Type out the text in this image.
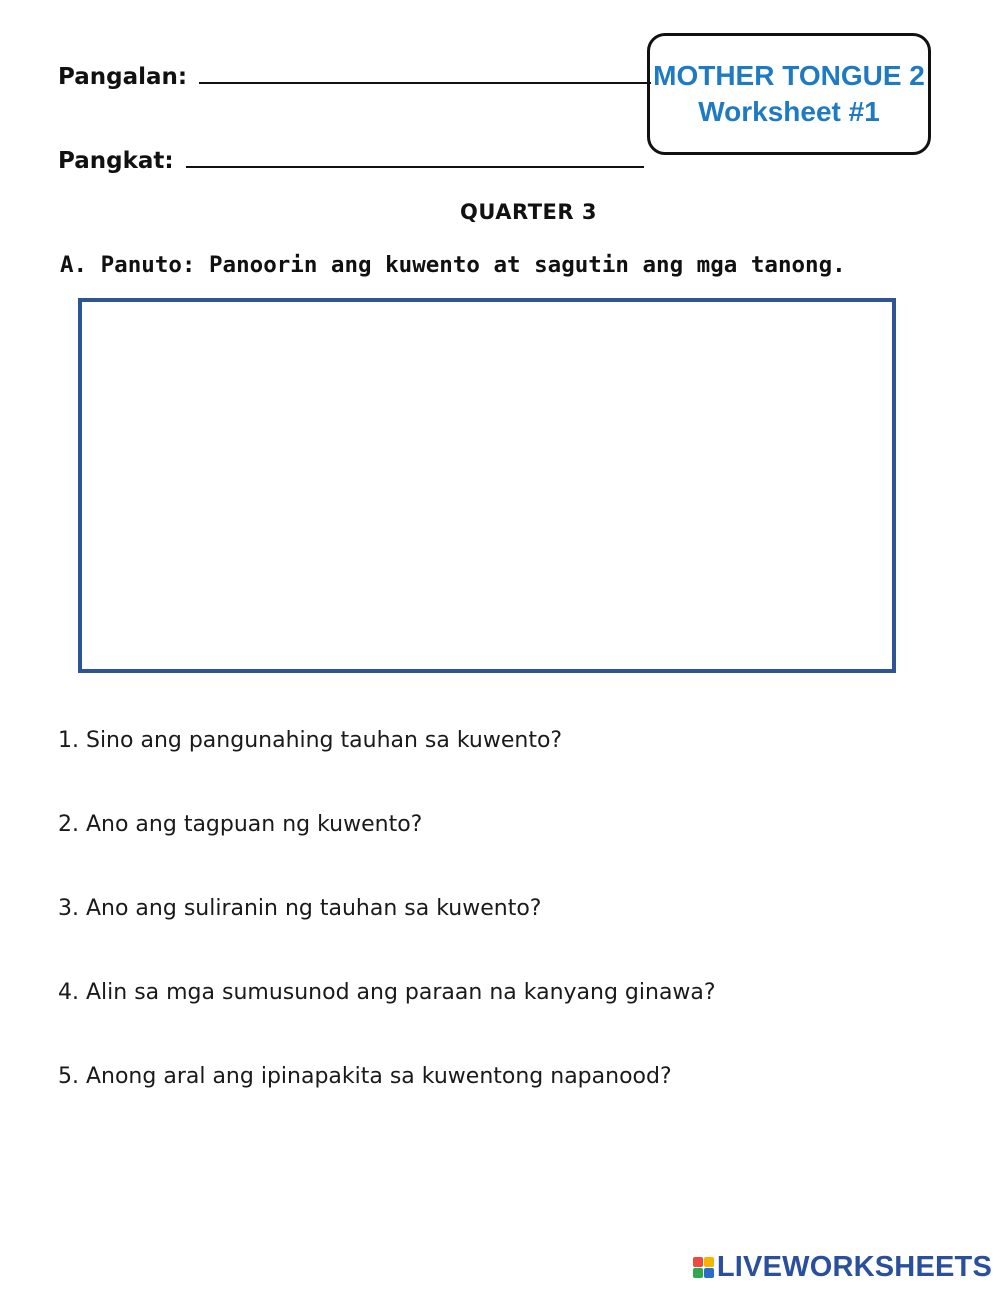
Pangalan:
Pangkat:
MOTHER TONGUE 2
Worksheet #1
QUARTER 3
A. Panuto: Panoorin ang kuwento at sagutin ang mga tanong.
1. Sino ang pangunahing tauhan sa kuwento?
2. Ano ang tagpuan ng kuwento?
3. Ano ang suliranin ng tauhan sa kuwento?
4. Alin sa mga sumusunod ang paraan na kanyang ginawa?
5. Anong aral ang ipinapakita sa kuwentong napanood?
LIVEWORKSHEETS
